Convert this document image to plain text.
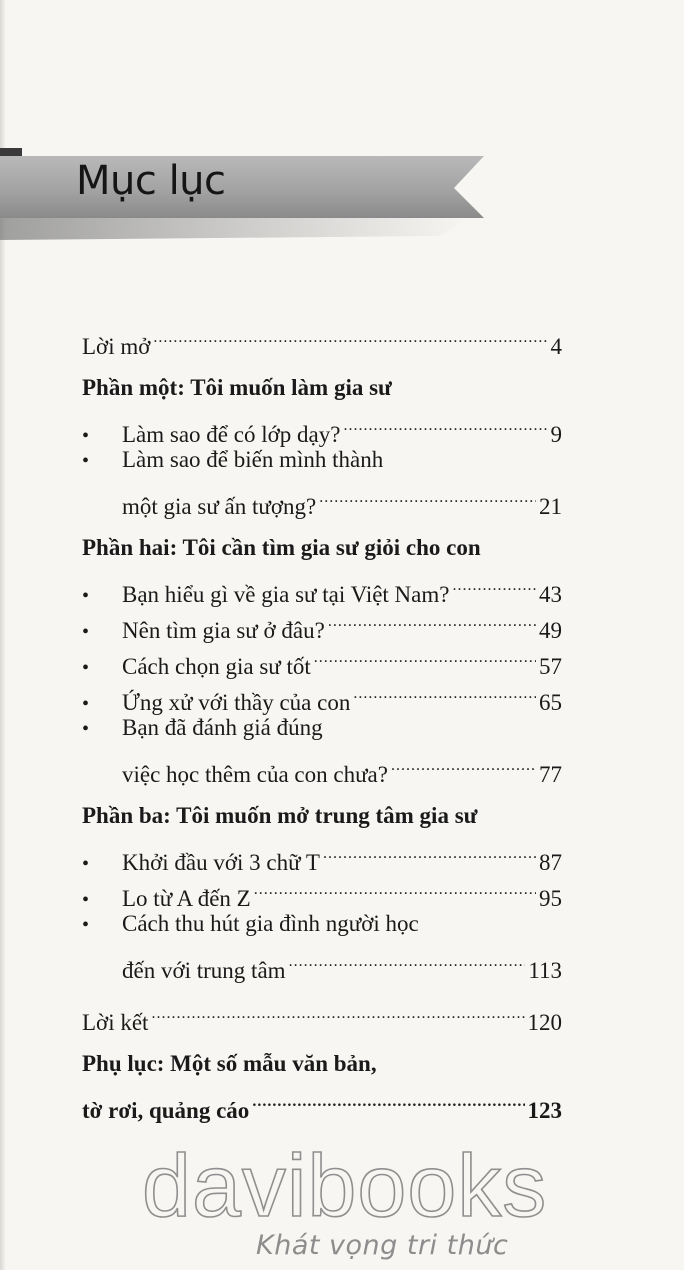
Mục lục
Lời mở .....	4
Phần một: Tôi muốn làm gia sư
•	Làm sao để có lớp dạy? .....	9
• Làm sao để biến mình thành
một gia sư ấn tượng? .....	21
Phần hai: Tôi cần tìm gia sư giỏi cho con
•	Bạn hiểu gì về gia sư tại Việt Nam? .....	43
•	Nên tìm gia sư ở đâu? .....	49
•	Cách chọn gia sư tốt .....	57
•	Ứng xử với thầy của con .....	65
• Bạn đã đánh giá đúng
việc học thêm của con chưa? .....	77
Phần ba: Tôi muốn mở trung tâm gia sư
•	Khởi đầu với 3 chữ T .....	87
•	Lo từ A đến Z .....	95
• Cách thu hút gia đình người học
đến với trung tâm .....	113
Lời kết .....	120
Phụ lục: Một số mẫu văn bản,
tờ rơi, quảng cáo .....	123
davibooks
Khát vọng tri thức
